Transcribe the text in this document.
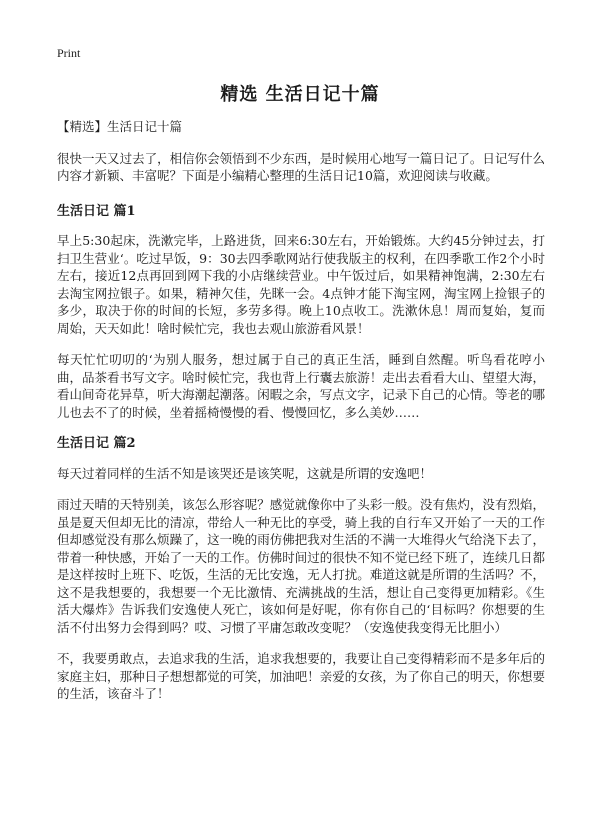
Print
精选 生活日记十篇

【精选】生活日记十篇

很快一天又过去了，相信你会领悟到不少东西，是时候用心地写一篇日记了。日记写什么内容才新颖、丰富呢？下面是小编精心整理的生活日记10篇，欢迎阅读与收藏。

生活日记 篇1

早上5:30起床，洗漱完毕，上路进货，回来6:30左右，开始锻炼。大约45分钟过去，打扫卫生营业‘。吃过早饭，9：30去四季歌网站行使我版主的权利，在四季歌工作2个小时左右，接近12点再回到网下我的小店继续营业。中午饭过后，如果精神饱满，2:30左右去淘宝网拉银子。如果，精神欠佳，先眯一会。4点钟才能下淘宝网，淘宝网上捡银子的多少，取决于你的时间的长短，多劳多得。晚上10点收工。洗漱休息！周而复始，复而周始，天天如此！啥时候忙完，我也去观山旅游看风景！

每天忙忙叨叨的‘为别人服务，想过属于自己的真正生活，睡到自然醒。听鸟看花哼小曲，品茶看书写文字。啥时候忙完，我也背上行囊去旅游！走出去看看大山、望望大海，看山间奇花异草，听大海潮起潮落。闲暇之余，写点文字，记录下自己的心情。等老的哪儿也去不了的时候，坐着摇椅慢慢的看、慢慢回忆，多么美妙……

生活日记 篇2

每天过着同样的生活不知是该哭还是该笑呢，这就是所谓的安逸吧！

雨过天晴的天特别美，该怎么形容呢？感觉就像你中了头彩一般。没有焦灼，没有烈焰，虽是夏天但却无比的清凉，带给人一种无比的享受，骑上我的自行车又开始了一天的工作但却感觉没有那么烦躁了，这一晚的雨仿佛把我对生活的不满一大堆得火气给浇下去了，带着一种快感，开始了一天的工作。仿佛时间过的很快不知不觉已经下班了，连续几日都是这样按时上班下、吃饭，生活的无比安逸，无人打扰。难道这就是所谓的生活吗？不，这不是我想要的，我想要一个无比激情、充满挑战的生活，想让自己变得更加精彩。《生活大爆炸》告诉我们安逸使人死亡，该如何是好呢，你有你自己的‘目标吗？你想要的生活不付出努力会得到吗？哎、习惯了平庸怎敢改变呢？（安逸使我变得无比胆小）

不，我要勇敢点，去追求我的生活，追求我想要的，我要让自己变得精彩而不是多年后的家庭主妇，那种日子想想都觉的可笑，加油吧！亲爱的女孩，为了你自己的明天，你想要的生活，该奋斗了！
